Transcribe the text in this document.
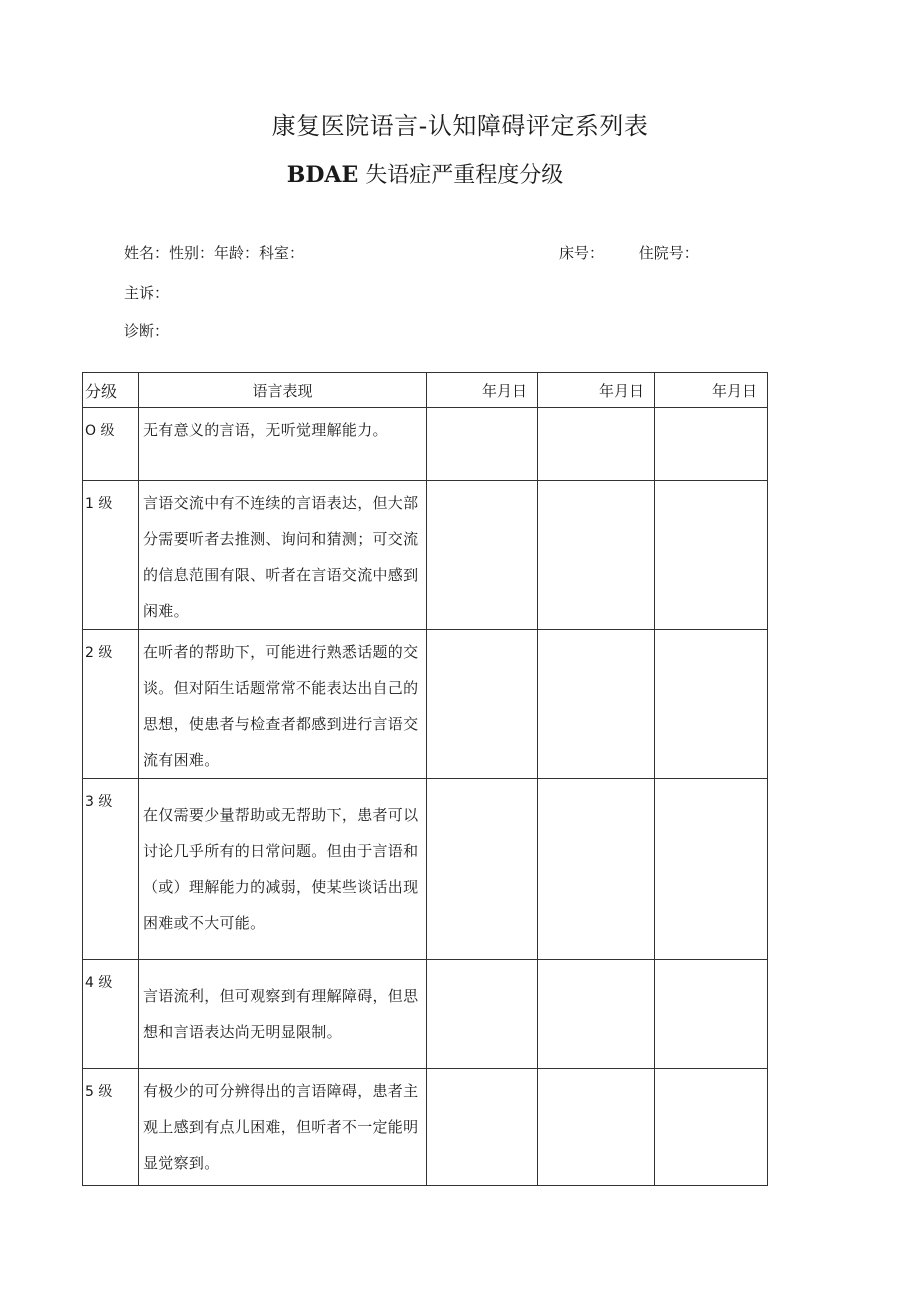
康复医院语言-认知障碍评定系列表
BDAE 失语症严重程度分级
姓名：性别：年龄：科室：	床号： 住院号：
主诉：
诊断：
分级	语言表现	年月日	年月日	年月日
O 级	无有意义的言语，无听觉理解能力。			
1 级	言语交流中有不连续的言语表达，但大部分需要听者去推测、询问和猜测；可交流的信息范围有限、听者在言语交流中感到闲难。			
2 级	在听者的帮助下，可能进行熟悉话题的交谈。但对陌生话题常常不能表达出自己的思想，使患者与检查者都感到进行言语交流有困难。			
3 级	在仅需要少量帮助或无帮助下，患者可以讨论几乎所有的日常问题。但由于言语和（或）理解能力的减弱，使某些谈话出现困难或不大可能。			
4 级	言语流利，但可观察到有理解障碍，但思想和言语表达尚无明显限制。			
5 级	有极少的可分辨得出的言语障碍，患者主观上感到有点儿困难，但听者不一定能明显觉察到。			
